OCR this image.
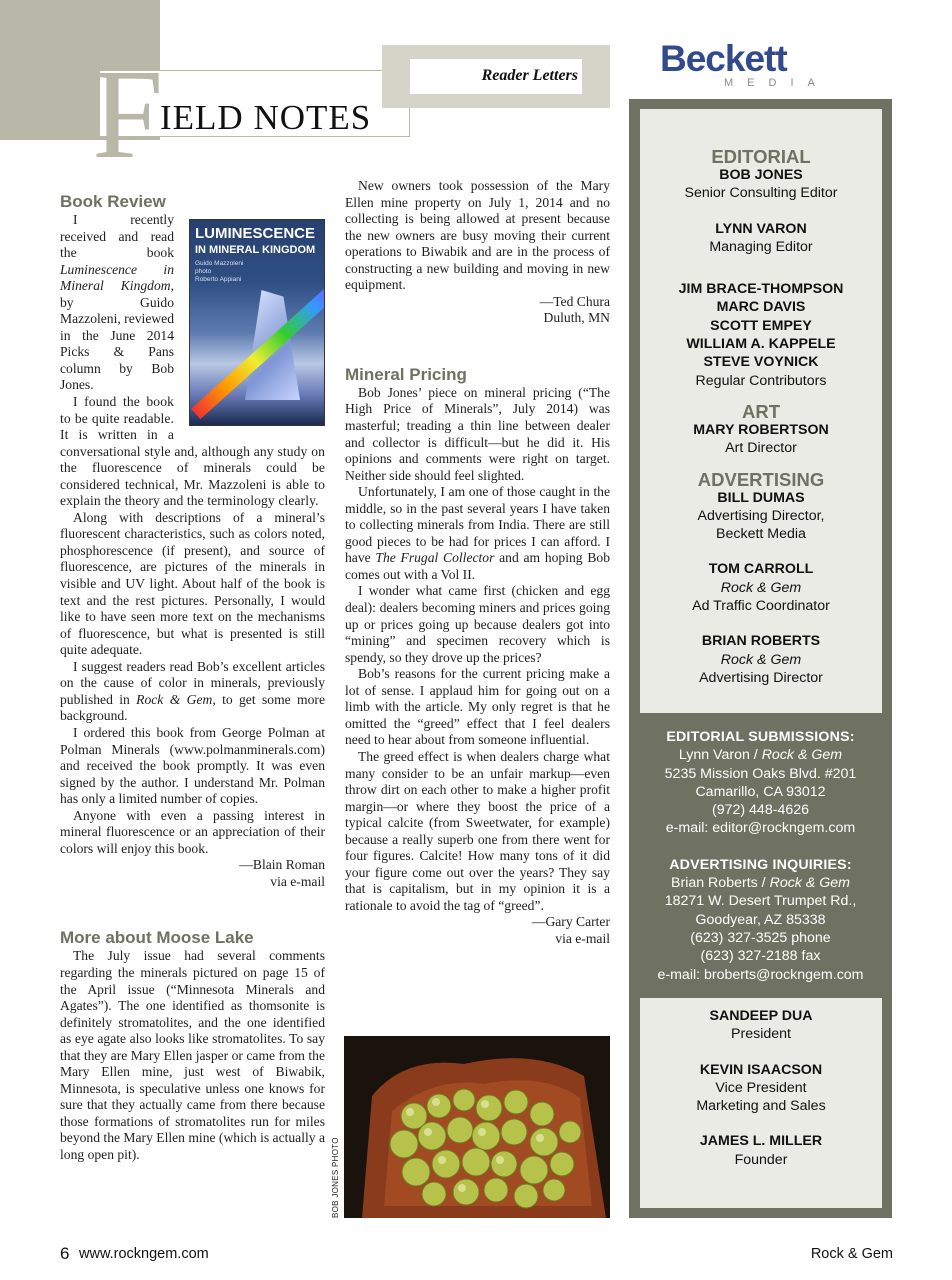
F
IELD NOTES
Reader Letters Beckett
MEDIA
Book Review
LUMINESCENCE
IN MINERAL KINGDOM
Guido Mazzoleni
photo
Roberto Appiani

I recently received and read the book Luminescence in Mineral Kingdom, by Guido Mazzoleni, reviewed in the June 2014 Picks & Pans column by Bob Jones.

I found the book to be quite readable. It is written in a conversational style and, although any study on the fluorescence of minerals could be considered technical, Mr. Mazzoleni is able to explain the theory and the terminology clearly.

Along with descriptions of a mineral’s fluorescent characteristics, such as colors noted, phosphorescence (if present), and source of fluorescence, are pictures of the minerals in visible and UV light. About half of the book is text and the rest pictures. Personally, I would like to have seen more text on the mechanisms of fluorescence, but what is presented is still quite adequate.

I suggest readers read Bob’s excellent articles on the cause of color in minerals, previously published in Rock & Gem, to get some more background.

I ordered this book from George Polman at Polman Minerals (www.polmanminerals.com) and received the book promptly. It was even signed by the author. I understand Mr. Polman has only a limited number of copies.

Anyone with even a passing interest in mineral fluorescence or an appreciation of their colors will enjoy this book.

—Blain Roman

via e-mail

More about Moose Lake

The July issue had several comments regarding the minerals pictured on page 15 of the April issue (“Minnesota Minerals and Agates”). The one identified as thomsonite is definitely stromatolites, and the one identified as eye agate also looks like stromatolites. To say that they are Mary Ellen jasper or came from the Mary Ellen mine, just west of Biwabik, Minnesota, is speculative unless one knows for sure that they actually came from there because those formations of stromatolites run for miles beyond the Mary Ellen mine (which is actually a long open pit).

New owners took possession of the Mary Ellen mine property on July 1, 2014 and no collecting is being allowed at present because the new owners are busy moving their current operations to Biwabik and are in the process of constructing a new building and moving in new equipment.

—Ted Chura

Duluth, MN

Mineral Pricing

Bob Jones’ piece on mineral pricing (“The High Price of Minerals”, July 2014) was masterful; treading a thin line between dealer and collector is difficult—but he did it. His opinions and comments were right on target. Neither side should feel slighted.

Unfortunately, I am one of those caught in the middle, so in the past several years I have taken to collecting minerals from India. There are still good pieces to be had for prices I can afford. I have The Frugal Collector and am hoping Bob comes out with a Vol II.

I wonder what came first (chicken and egg deal): dealers becoming miners and prices going up or prices going up because dealers got into “mining” and specimen recovery which is spendy, so they drove up the prices?

Bob’s reasons for the current pricing make a lot of sense. I applaud him for going out on a limb with the article. My only regret is that he omitted the “greed” effect that I feel dealers need to hear about from someone influential.

The greed effect is when dealers charge what many consider to be an unfair markup—even throw dirt on each other to make a higher profit margin—or where they boost the price of a typical calcite (from Sweetwater, for example) because a really superb one from there went for four figures. Calcite! How many tons of it did your figure come out over the years? They say that is capitalism, but in my opinion it is a rationale to avoid the tag of “greed”.

—Gary Carter

via e-mail

BOB JONES PHOTO
EDITORIAL
BOB JONES
Senior Consulting Editor
LYNN VARON
Managing Editor
JIM BRACE-THOMPSON
MARC DAVIS
SCOTT EMPEY
WILLIAM A. KAPPELE
STEVE VOYNICK
Regular Contributors
ART
MARY ROBERTSON
Art Director
ADVERTISING
BILL DUMAS
Advertising Director,
Beckett Media
TOM CARROLL
Rock & Gem
Ad Traffic Coordinator
BRIAN ROBERTS
Rock & Gem
Advertising Director
EDITORIAL SUBMISSIONS:
Lynn Varon / Rock & Gem
5235 Mission Oaks Blvd. #201
Camarillo, CA 93012
(972) 448-4626
e-mail: editor@rockngem.com
ADVERTISING INQUIRIES:
Brian Roberts / Rock & Gem
18271 W. Desert Trumpet Rd.,
Goodyear, AZ 85338
(623) 327-3525 phone
(623) 327-2188 fax
e-mail: broberts@rockngem.com
SANDEEP DUA
President
KEVIN ISAACSON
Vice President
Marketing and Sales
JAMES L. MILLER
Founder
6 www.rockngem.com	Rock & Gem
